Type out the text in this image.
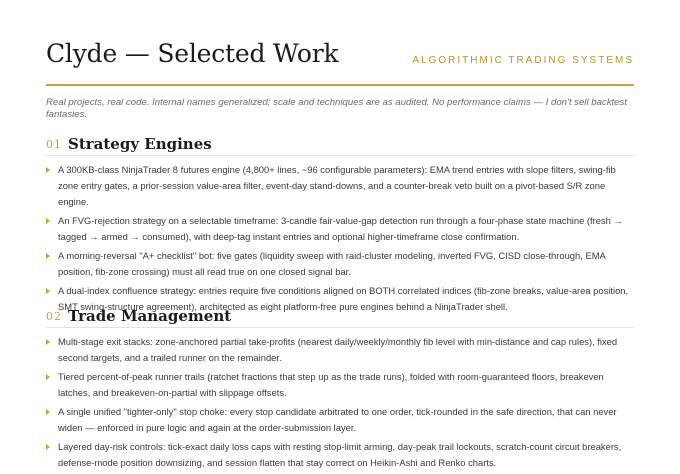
Clyde — Selected Work	ALGORITHMIC TRADING SYSTEMS

Real projects, real code. Internal names generalized; scale and techniques are as audited. No performance claims — I don't sell backtest fantasies.

01 Strategy Engines
A 300KB-class NinjaTrader 8 futures engine (4,800+ lines, ~96 configurable parameters): EMA trend entries with slope filters, swing-fib zone entry gates, a prior-session value-area filter, event-day stand-downs, and a counter-break veto built on a pivot-based S/R zone engine.
An FVG-rejection strategy on a selectable timeframe: 3-candle fair-value-gap detection run through a four-phase state machine (fresh → tagged → armed → consumed), with deep-tag instant entries and optional higher-timeframe close confirmation.
A morning-reversal "A+ checklist" bot: five gates (liquidity sweep with raid-cluster modeling, inverted FVG, CISD close-through, EMA position, fib-zone crossing) must all read true on one closed signal bar.
A dual-index confluence strategy: entries require five conditions aligned on BOTH correlated indices (fib-zone breaks, value-area position, SMT swing-structure agreement), architected as eight platform-free pure engines behind a NinjaTrader shell.
02 Trade Management
Multi-stage exit stacks: zone-anchored partial take-profits (nearest daily/weekly/monthly fib level with min-distance and cap rules), fixed second targets, and a trailed runner on the remainder.
Tiered percent-of-peak runner trails (ratchet fractions that step up as the trade runs), folded with room-guaranteed floors, breakeven latches, and breakeven-on-partial with slippage offsets.
A single unified "tighter-only" stop choke: every stop candidate arbitrated to one order, tick-rounded in the safe direction, that can never widen — enforced in pure logic and again at the order-submission layer.
Layered day-risk controls: tick-exact daily loss caps with resting stop-limit arming, day-peak trail lockouts, scratch-count circuit breakers, defense-mode position downsizing, and session flatten that stay correct on Heikin-Ashi and Renko charts.
